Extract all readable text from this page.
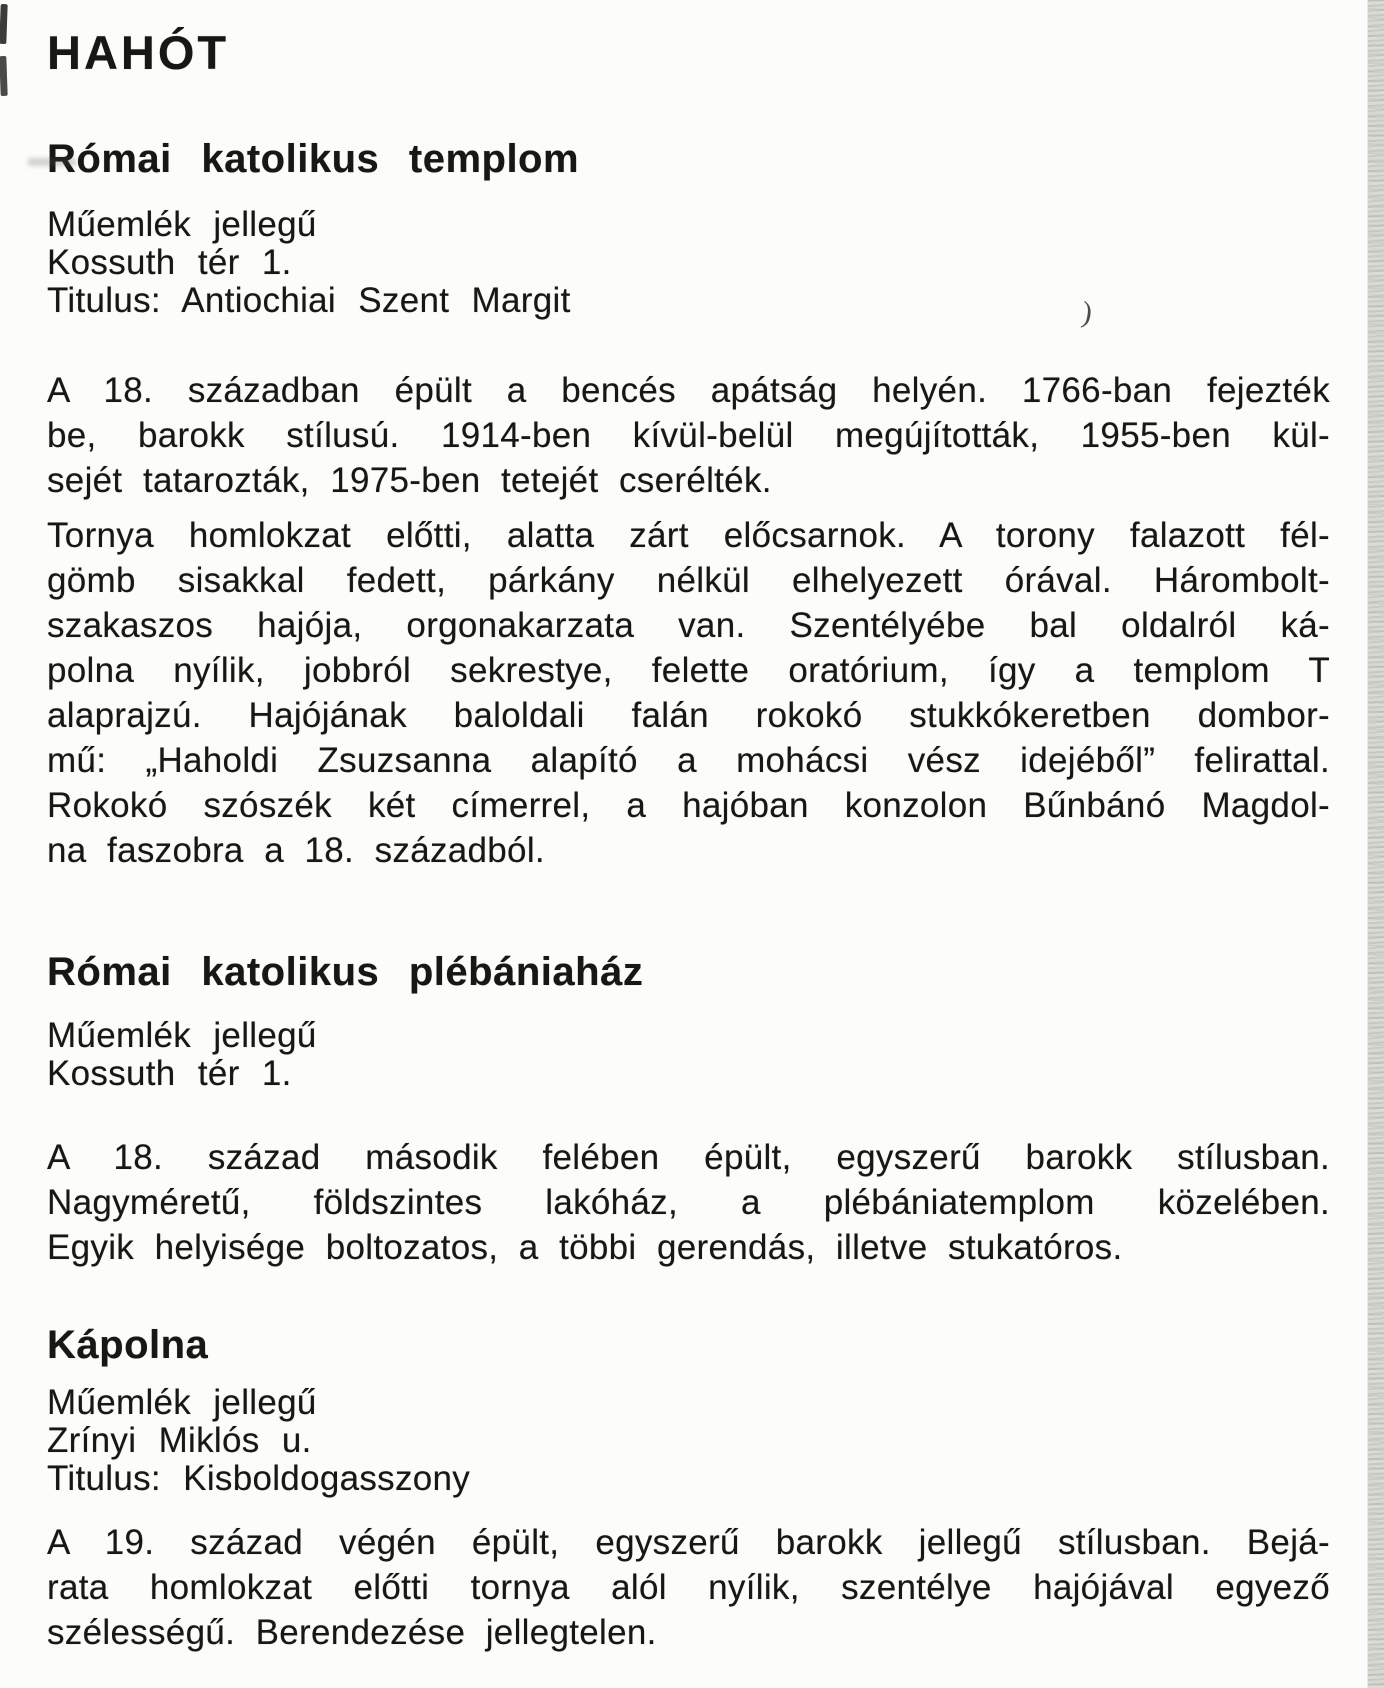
)
HAHÓT
Római katolikus templom
Műemlék jellegű
Kossuth tér 1.
Titulus: Antiochiai Szent Margit
A 18. században épült a bencés apátság helyén. 1766-ban fejezték
be, barokk stílusú. 1914-ben kívül-belül megújították, 1955-ben kül-
sejét tatarozták, 1975-ben tetejét cserélték.
Tornya homlokzat előtti, alatta zárt előcsarnok. A torony falazott fél-
gömb sisakkal fedett, párkány nélkül elhelyezett órával. Hárombolt-
szakaszos hajója, orgonakarzata van. Szentélyébe bal oldalról ká-
polna nyílik, jobbról sekrestye, felette oratórium, így a templom T
alaprajzú. Hajójának baloldali falán rokokó stukkókeretben dombor-
mű: „Haholdi Zsuzsanna alapító a mohácsi vész idejéből” felirattal.
Rokokó szószék két címerrel, a hajóban konzolon Bűnbánó Magdol-
na faszobra a 18. századból.
Római katolikus plébániaház
Műemlék jellegű
Kossuth tér 1.
A 18. század második felében épült, egyszerű barokk stílusban.
Nagyméretű, földszintes lakóház, a plébániatemplom közelében.
Egyik helyisége boltozatos, a többi gerendás, illetve stukatóros.
Kápolna
Műemlék jellegű
Zrínyi Miklós u.
Titulus: Kisboldogasszony
A 19. század végén épült, egyszerű barokk jellegű stílusban. Bejá-
rata homlokzat előtti tornya alól nyílik, szentélye hajójával egyező
szélességű. Berendezése jellegtelen.
